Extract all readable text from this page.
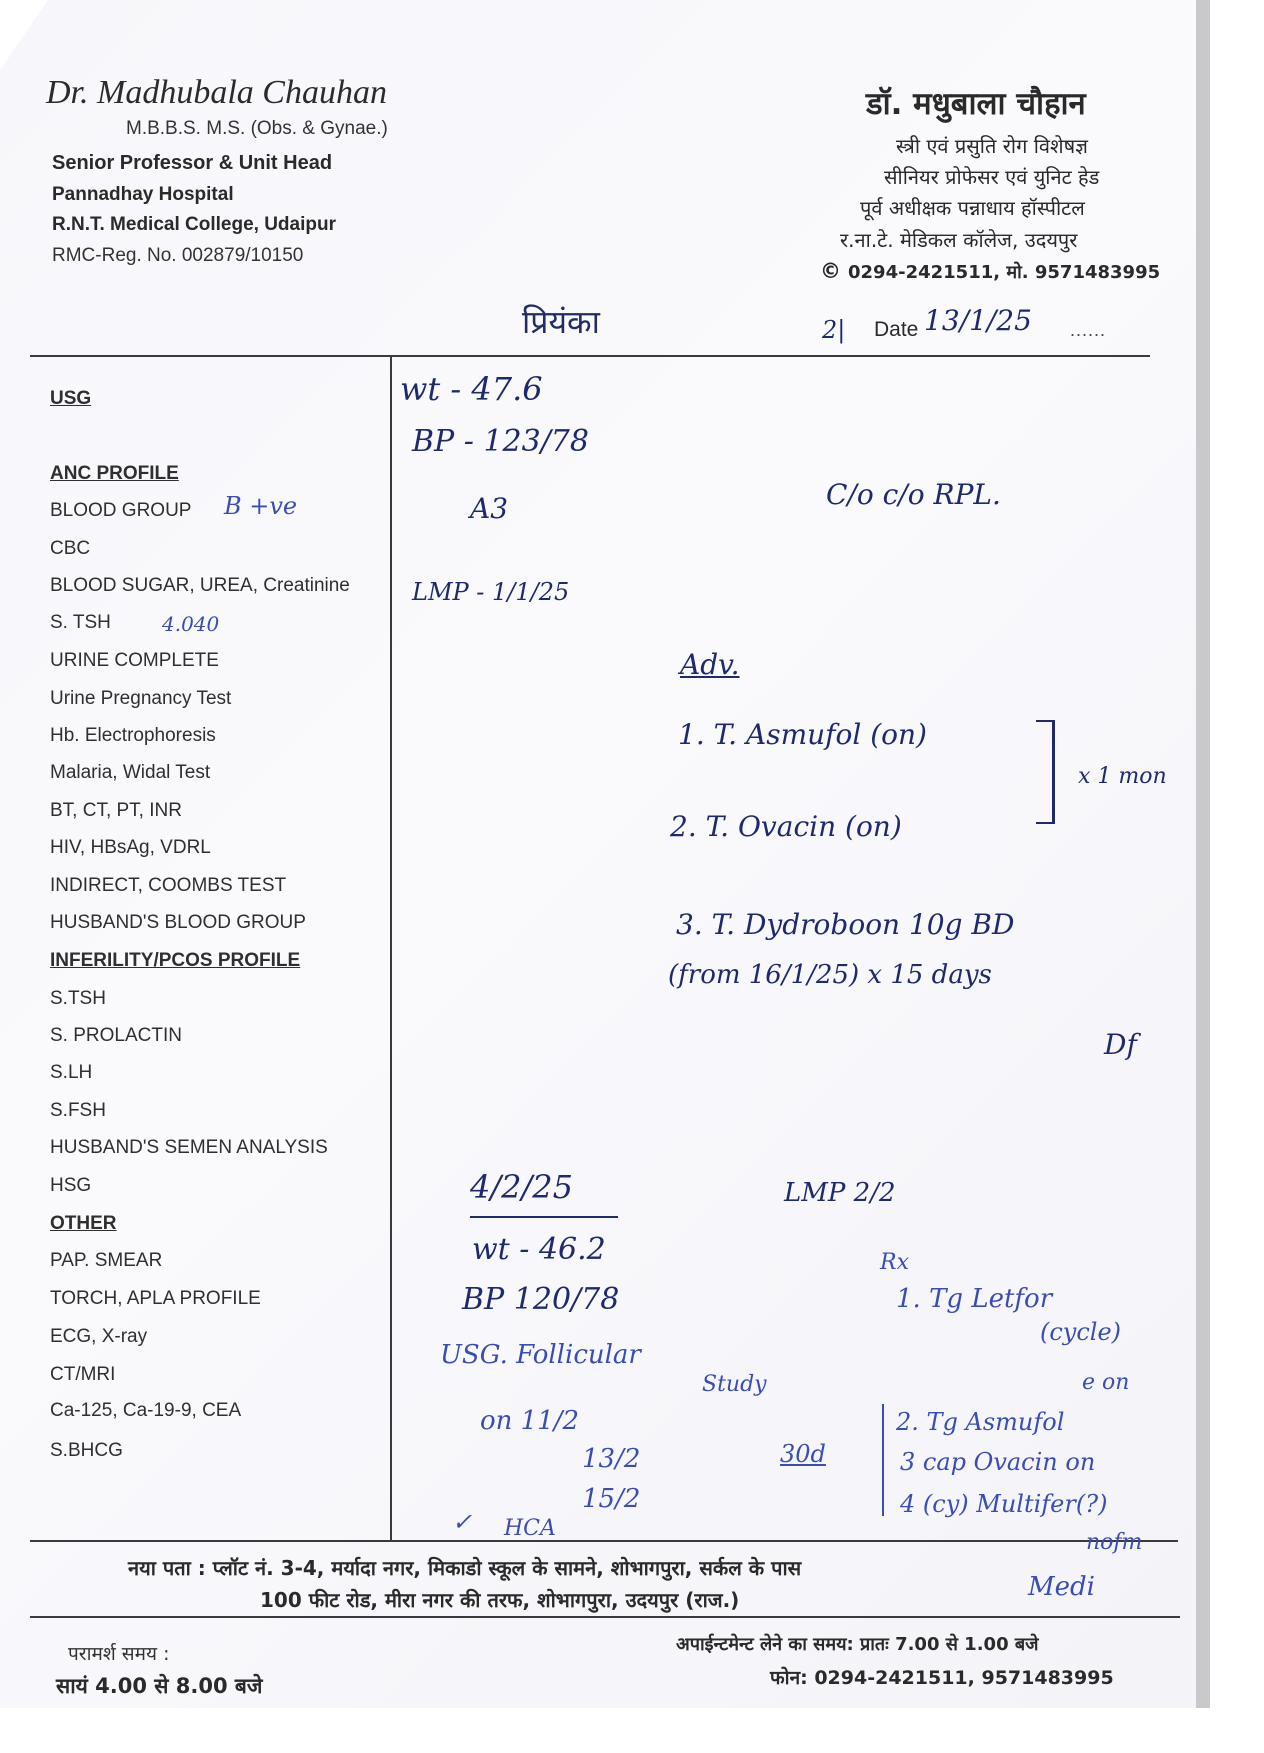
Dr. Madhubala Chauhan
M.B.B.S. M.S. (Obs. & Gynae.)
Senior Professor & Unit Head
Pannadhay Hospital
R.N.T. Medical College, Udaipur
RMC-Reg. No. 002879/10150
डॉ. मधुबाला चौहान
स्त्री एवं प्रसुति रोग विशेषज्ञ
सीनियर प्रोफेसर एवं युनिट हेड
पूर्व अधीक्षक पन्नाधाय हॉस्पीटल
र.ना.टे. मेडिकल कॉलेज, उदयपुर
© 0294-2421511, मो. 9571483995
प्रियंका	2| Date 13/1/25 ......
USG
ANC PROFILE
BLOOD GROUP
CBC
BLOOD SUGAR, UREA, Creatinine
S. TSH
URINE COMPLETE
Urine Pregnancy Test
Hb. Electrophoresis
Malaria, Widal Test
BT, CT, PT, INR
HIV, HBsAg, VDRL
INDIRECT, COOMBS TEST
HUSBAND'S BLOOD GROUP
INFERILITY/PCOS PROFILE
S.TSH
S. PROLACTIN
S.LH
S.FSH
HUSBAND'S SEMEN ANALYSIS
HSG
OTHER
PAP. SMEAR
TORCH, APLA PROFILE
ECG, X-ray
CT/MRI
Ca-125, Ca-19-9, CEA
S.BHCG
B +ve
4.040
wt - 47.6
BP - 123/78
A3	C/o c/o RPL.
LMP - 1/1/25
Adv.
1. T. Asmufol (on)
2. T. Ovacin (on)
x 1 mon
3. T. Dydroboon 10g BD
(from 16/1/25) x 15 days
Df
4/2/25
wt - 46.2
BP 120/78
LMP 2/2
Rx
1. Tg Letfor
(cycle)
e on
USG. Follicular
Study
on 11/2
13/2
15/2
30d
2. Tg Asmufol
3 cap Ovacin on
4 (cy) Multifer(?)
nofm
Medi
✓ HCA
नया पता : प्लॉट नं. 3-4, मर्यादा नगर, मिकाडो स्कूल के सामने, शोभागपुरा, सर्कल के पास
100 फीट रोड, मीरा नगर की तरफ, शोभागपुरा, उदयपुर (राज.)
परामर्श समय :
सायं 4.00 से 8.00 बजे
अपाईन्टमेन्ट लेने का समय: प्रातः 7.00 से 1.00 बजे
फोन: 0294-2421511, 9571483995
